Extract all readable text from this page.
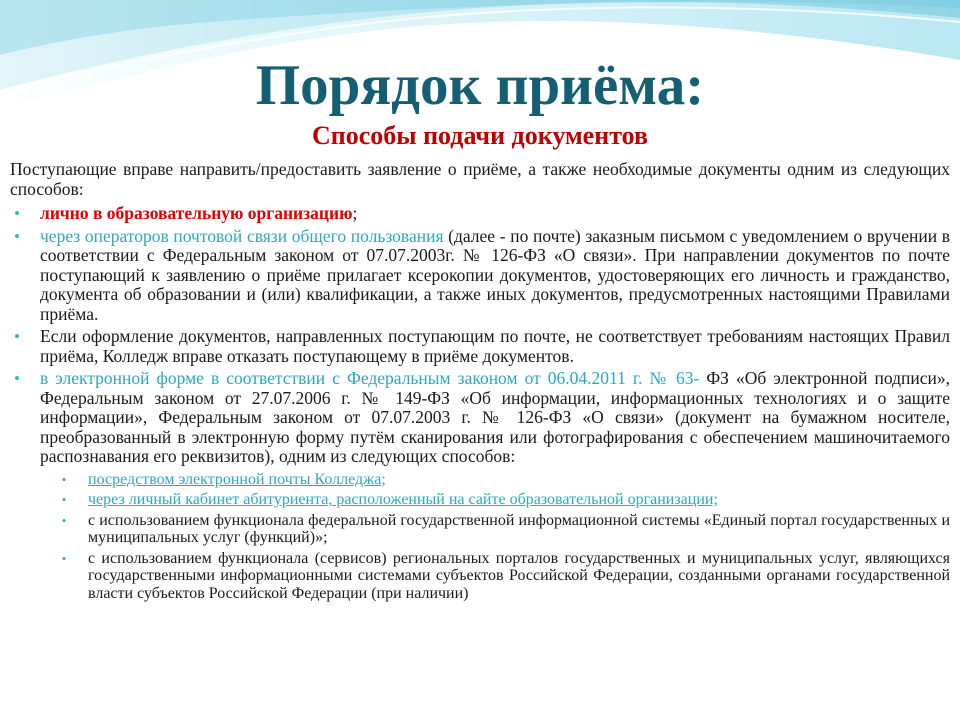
Порядок приёма:
Способы подачи документов

Поступающие вправе направить/предоставить заявление о приёме, а также необходимые документы одним из следующих способов:

• лично в образовательную организацию;
• через операторов почтовой связи общего пользования (далее - по почте) заказным письмом с уведомлением о вручении в соответствии с Федеральным законом от 07.07.2003г. № 126-ФЗ «О связи». При направлении документов по почте поступающий к заявлению о приёме прилагает ксерокопии документов, удостоверяющих его личность и гражданство, документа об образовании и (или) квалификации, а также иных документов, предусмотренных настоящими Правилами приёма.
• Если оформление документов, направленных поступающим по почте, не соответствует требованиям настоящих Правил приёма, Колледж вправе отказать поступающему в приёме документов.
• в электронной форме в соответствии с Федеральным законом от 06.04.2011 г. № 63- ФЗ «Об электронной подписи», Федеральным законом от 27.07.2006 г. № 149-ФЗ «Об информации, информационных технологиях и о защите информации», Федеральным законом от 07.07.2003 г. № 126-ФЗ «О связи» (документ на бумажном носителе, преобразованный в электронную форму путём сканирования или фотографирования с обеспечением машиночитаемого распознавания его реквизитов), одним из следующих способов:
• посредством электронной почты Колледжа;
• через личный кабинет абитуриента, расположенный на сайте образовательной организации;
• с использованием функционала федеральной государственной информационной системы «Единый портал государственных и муниципальных услуг (функций)»;
• с использованием функционала (сервисов) региональных порталов государственных и муниципальных услуг, являющихся государственными информационными системами субъектов Российской Федерации, созданными органами государственной власти субъектов Российской Федерации (при наличии)
